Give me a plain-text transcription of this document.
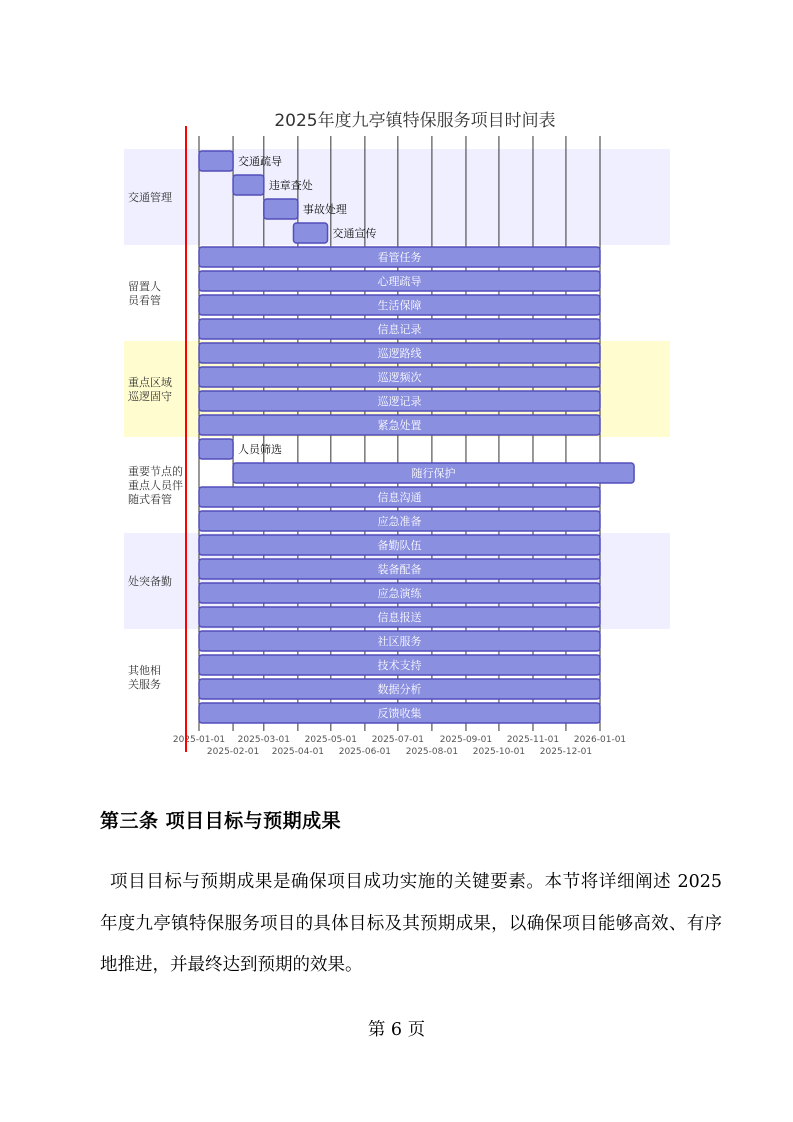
2025-01-01
2025-02-01
2025-03-01
2025-04-01
2025-05-01
2025-06-01
2025-07-01
2025-08-01
2025-09-01
2025-10-01
2025-11-01
2025-12-01
2026-01-01
2025年度九亭镇特保服务项目时间表
交通管理
交通疏导
违章查处
事故处理
交通宣传
留置人员看管
看管任务
心理疏导
生活保障
信息记录
重点区域巡逻固守
巡逻路线
巡逻频次
巡逻记录
紧急处置
重要节点的重点人员伴随式看管
人员筛选
随行保护
信息沟通
应急准备
处突备勤
备勤队伍
装备配备
应急演练
信息报送
其他相关服务
社区服务
技术支持
数据分析
反馈收集
第三条 项目目标与预期成果
项目目标与预期成果是确保项目成功实施的关键要素。本节将详细阐述 2025 年度九亭镇特保服务项目的具体目标及其预期成果，以确保项目能够高效、有序地推进，并最终达到预期的效果。
第 6 页
